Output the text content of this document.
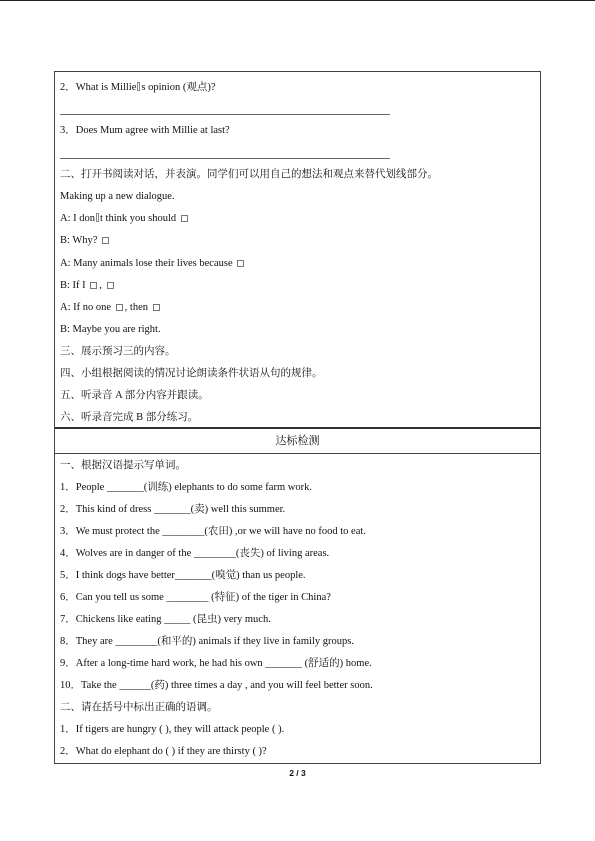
2．What is Millie s opinion (观点)?
3．Does Mum agree with Millie at last?
二、打开书阅读对话，并表演。同学们可以用自己的想法和观点来替代划线部分。
Making up a new dialogue.
A: I don t think you should
B: Why?
A: Many animals lose their lives because
B: If I ,
A: If no one , then
B: Maybe you are right.
三、展示预习三的内容。
四、小组根据阅读的情况讨论朗读条件状语从句的规律。
五、听录音 A 部分内容并跟读。
六、听录音完成 B 部分练习。
达标检测
一、根据汉语提示写单词。
1．People _______(训练) elephants to do some farm work.
2．This kind of dress _______(卖) well this summer.
3．We must protect the ________(农田) ,or we will have no food to eat.
4．Wolves are in danger of the ________(丧失) of living areas.
5．I think dogs have better_______(嗅觉) than us people.
6．Can you tell us some ________ (特征) of the tiger in China?
7．Chickens like eating _____ (昆虫) very much.
8．They are ________(和平的) animals if they live in family groups.
9．After a long-time hard work, he had his own _______ (舒适的) home.
10．Take the ______(药) three times a day , and you will feel better soon.
二、请在括号中标出正确的语调。
1．If tigers are hungry ( ), they will attack people ( ).
2．What do elephant do ( ) if they are thirsty ( )?
2 / 3
